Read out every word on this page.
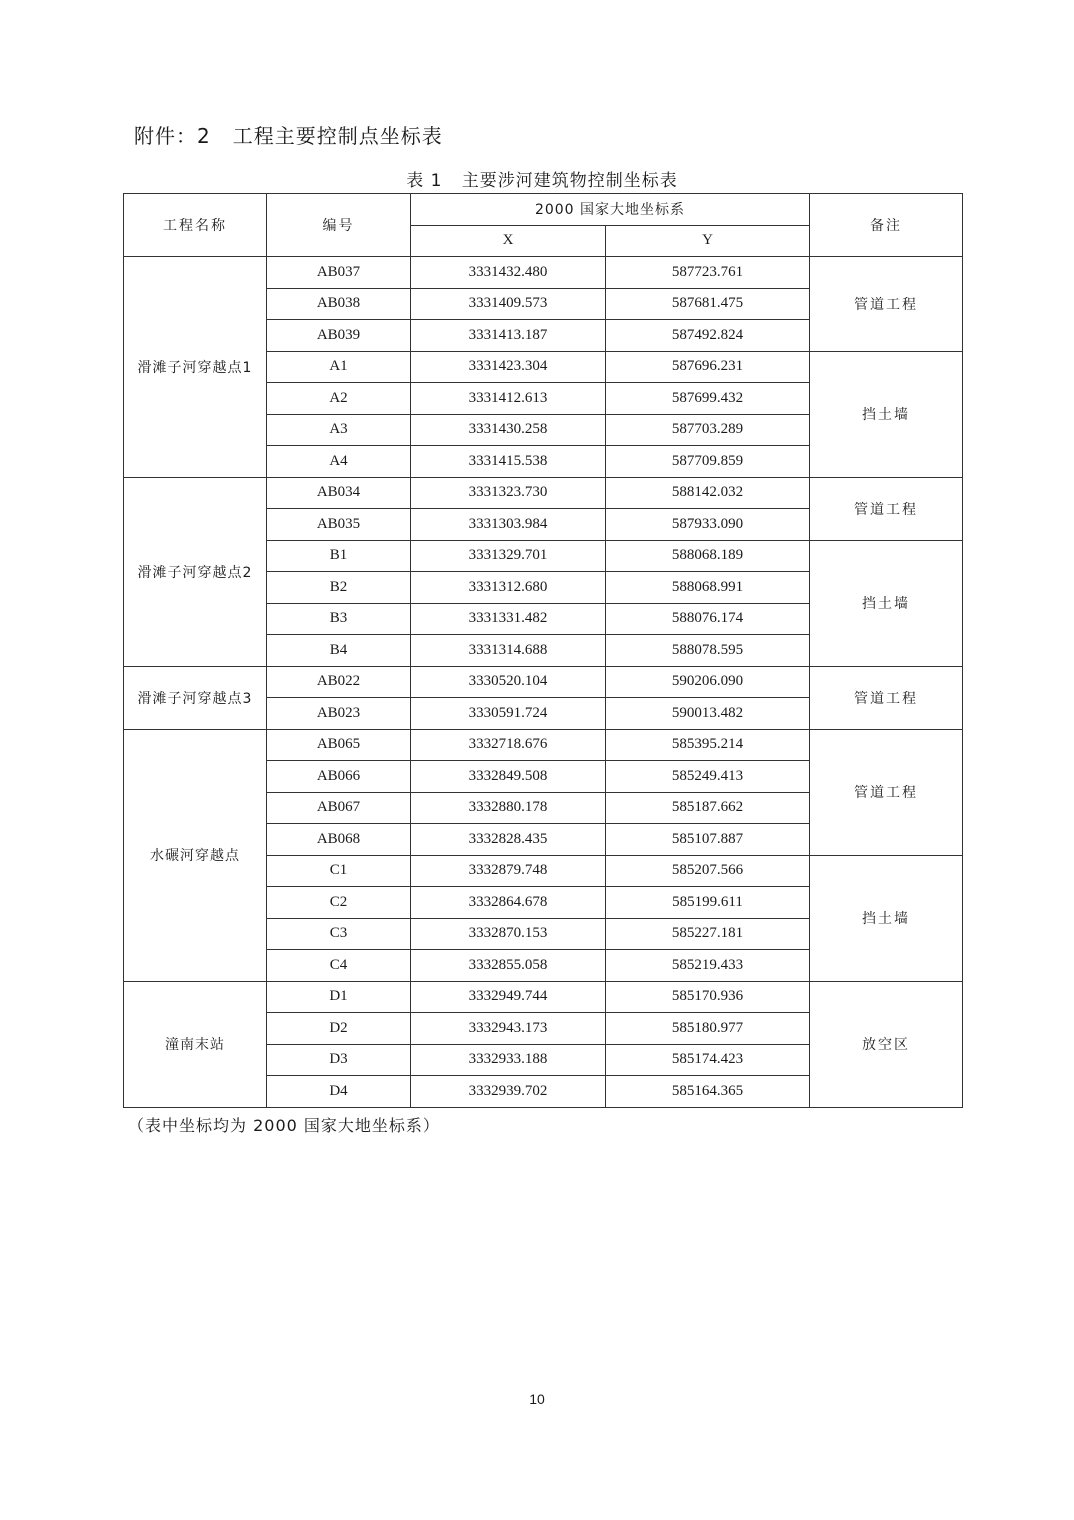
附件：2   工程主要控制点坐标表
表 1   主要涉河建筑物控制坐标表
工程名称	编号	2000 国家大地坐标系		备注
		X	Y	
滑滩子河穿越点1	AB037	3331432.480	587723.761	管道工程
	AB038	3331409.573	587681.475	
	AB039	3331413.187	587492.824	
	A1	3331423.304	587696.231	挡土墙
	A2	3331412.613	587699.432	
	A3	3331430.258	587703.289	
	A4	3331415.538	587709.859	
滑滩子河穿越点2	AB034	3331323.730	588142.032	管道工程
	AB035	3331303.984	587933.090	
	B1	3331329.701	588068.189	挡土墙
	B2	3331312.680	588068.991	
	B3	3331331.482	588076.174	
	B4	3331314.688	588078.595	
滑滩子河穿越点3	AB022	3330520.104	590206.090	管道工程
	AB023	3330591.724	590013.482	
水碾河穿越点	AB065	3332718.676	585395.214	管道工程
	AB066	3332849.508	585249.413	
	AB067	3332880.178	585187.662	
	AB068	3332828.435	585107.887	
	C1	3332879.748	585207.566	挡土墙
	C2	3332864.678	585199.611	
	C3	3332870.153	585227.181	
	C4	3332855.058	585219.433	
潼南末站	D1	3332949.744	585170.936	放空区
	D2	3332943.173	585180.977	
	D3	3332933.188	585174.423	
	D4	3332939.702	585164.365	
（表中坐标均为 2000 国家大地坐标系）
10
